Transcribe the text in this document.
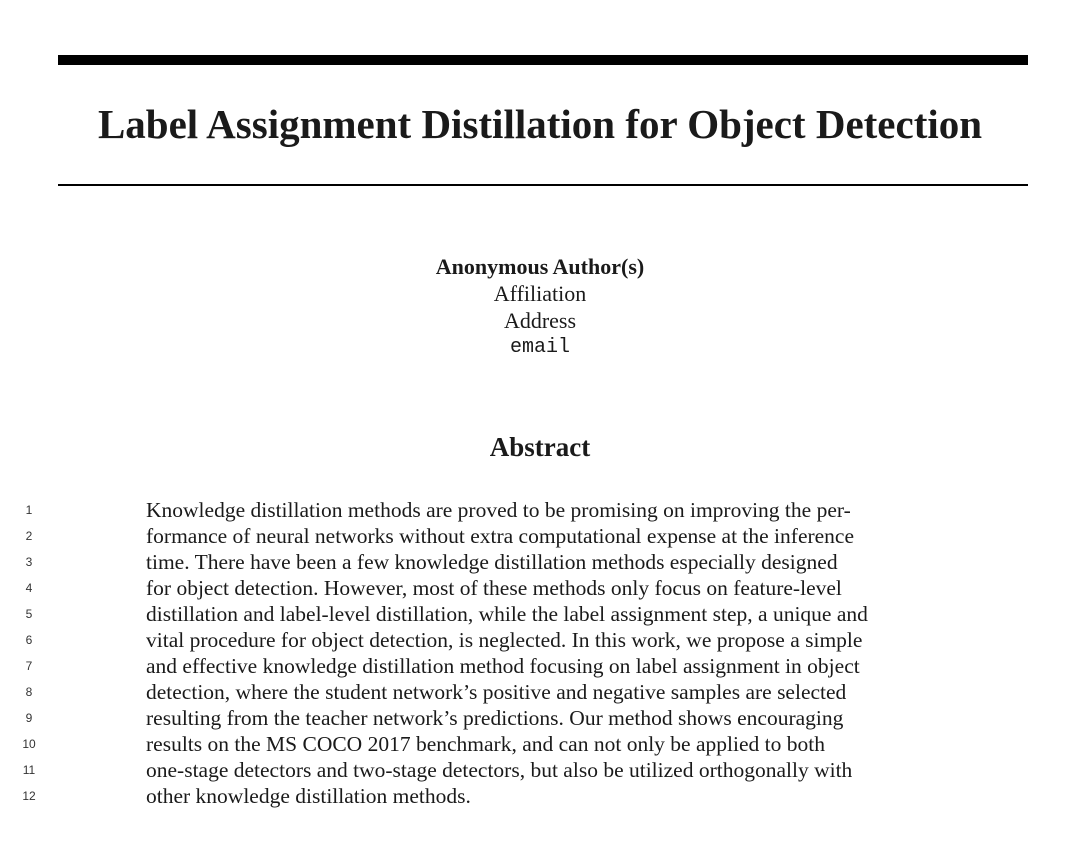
Label Assignment Distillation for Object Detection
Anonymous Author(s)
Affiliation
Address
email
Abstract
1
2
3
4
5
6
7
8
9
10
11
12
Knowledge distillation methods are proved to be promising on improving the per-
formance of neural networks without extra computational expense at the inference
time. There have been a few knowledge distillation methods especially designed
for object detection. However, most of these methods only focus on feature-level
distillation and label-level distillation, while the label assignment step, a unique and
vital procedure for object detection, is neglected. In this work, we propose a simple
and effective knowledge distillation method focusing on label assignment in object
detection, where the student network’s positive and negative samples are selected
resulting from the teacher network’s predictions. Our method shows encouraging
results on the MS COCO 2017 benchmark, and can not only be applied to both
one-stage detectors and two-stage detectors, but also be utilized orthogonally with
other knowledge distillation methods.
